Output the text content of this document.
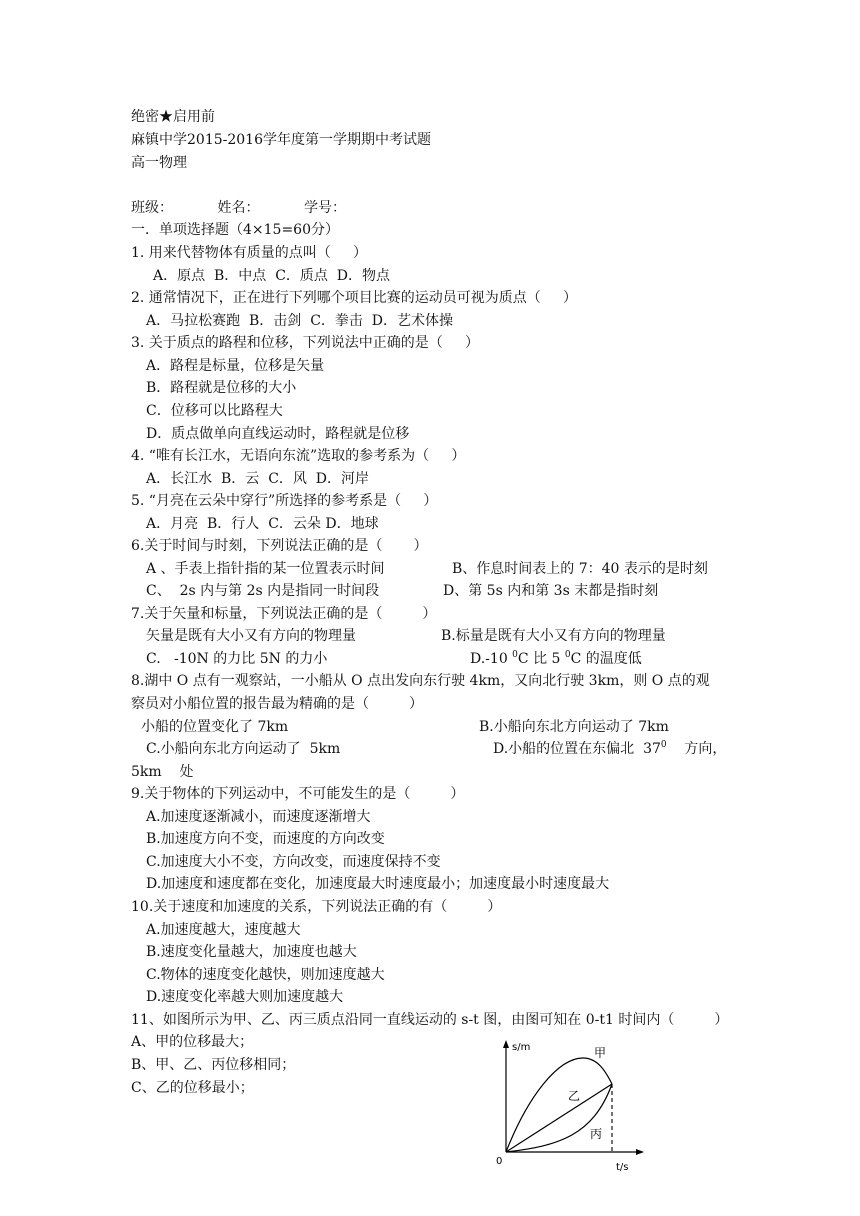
绝密★启用前
麻镇中学2015-2016学年度第一学期期中考试题
高一物理
班级：          姓名：          学号：
一．单项选择题（4×15=60分）
1. 用来代替物体有质量的点叫（     ）
A．原点  B．中点  C．质点  D．物点
2. 通常情况下，正在进行下列哪个项目比赛的运动员可视为质点（     ）
A．马拉松赛跑  B．击剑  C．拳击  D．艺术体操
3. 关于质点的路程和位移，下列说法中正确的是（     ）
A．路程是标量，位移是矢量
B．路程就是位移的大小
C．位移可以比路程大
D．质点做单向直线运动时，路程就是位移
4. “唯有长江水，无语向东流”选取的参考系为（     ）
A．长江水  B．云  C．风  D．河岸
5. “月亮在云朵中穿行”所选择的参考系是（     ）
A．月亮  B．行人  C．云朵 D．地球
6.关于时间与时刻，下列说法正确的是（       ）
A 、手表上指针指的某一位置表示时间	B、作息时间表上的 7：40 表示的是时刻
C、  2s 内与第 2s 内是指同一时间段	D、第 5s 内和第 3s 末都是指时刻
7.关于矢量和标量，下列说法正确的是（         ）
矢量是既有大小又有方向的物理量	B.标量是既有大小又有方向的物理量
C.   -10N 的力比 5N 的力小	D.-10 $^0$C 比 5 $^0$C 的温度低
8.湖中 O 点有一观察站，一小船从 O 点出发向东行驶 4km，又向北行驶 3km，则 O 点的观
察员对小船位置的报告最为精确的是（         ）
小船的位置变化了 7km	B.小船向东北方向运动了 7km
C.小船向东北方向运动了  5km	D.小船的位置在东偏北  $37^0$    方向，
5km    处
9.关于物体的下列运动中，不可能发生的是（         ）
A.加速度逐渐减小，而速度逐渐增大
B.加速度方向不变，而速度的方向改变
C.加速度大小不变，方向改变，而速度保持不变
D.加速度和速度都在变化，加速度最大时速度最小；加速度最小时速度最大
10.关于速度和加速度的关系，下列说法正确的有（         ）
A.加速度越大，速度越大
B.速度变化量越大，加速度也越大
C.物体的速度变化越快，则加速度越大
D.速度变化率越大则加速度越大
11、如图所示为甲、乙、丙三质点沿同一直线运动的 s-t 图，由图可知在 0-t1 时间内（         ）
A、甲的位移最大；
B、甲、乙、丙位移相同；
C、乙的位移最小；
s/m
t/s
0
甲
乙
丙
